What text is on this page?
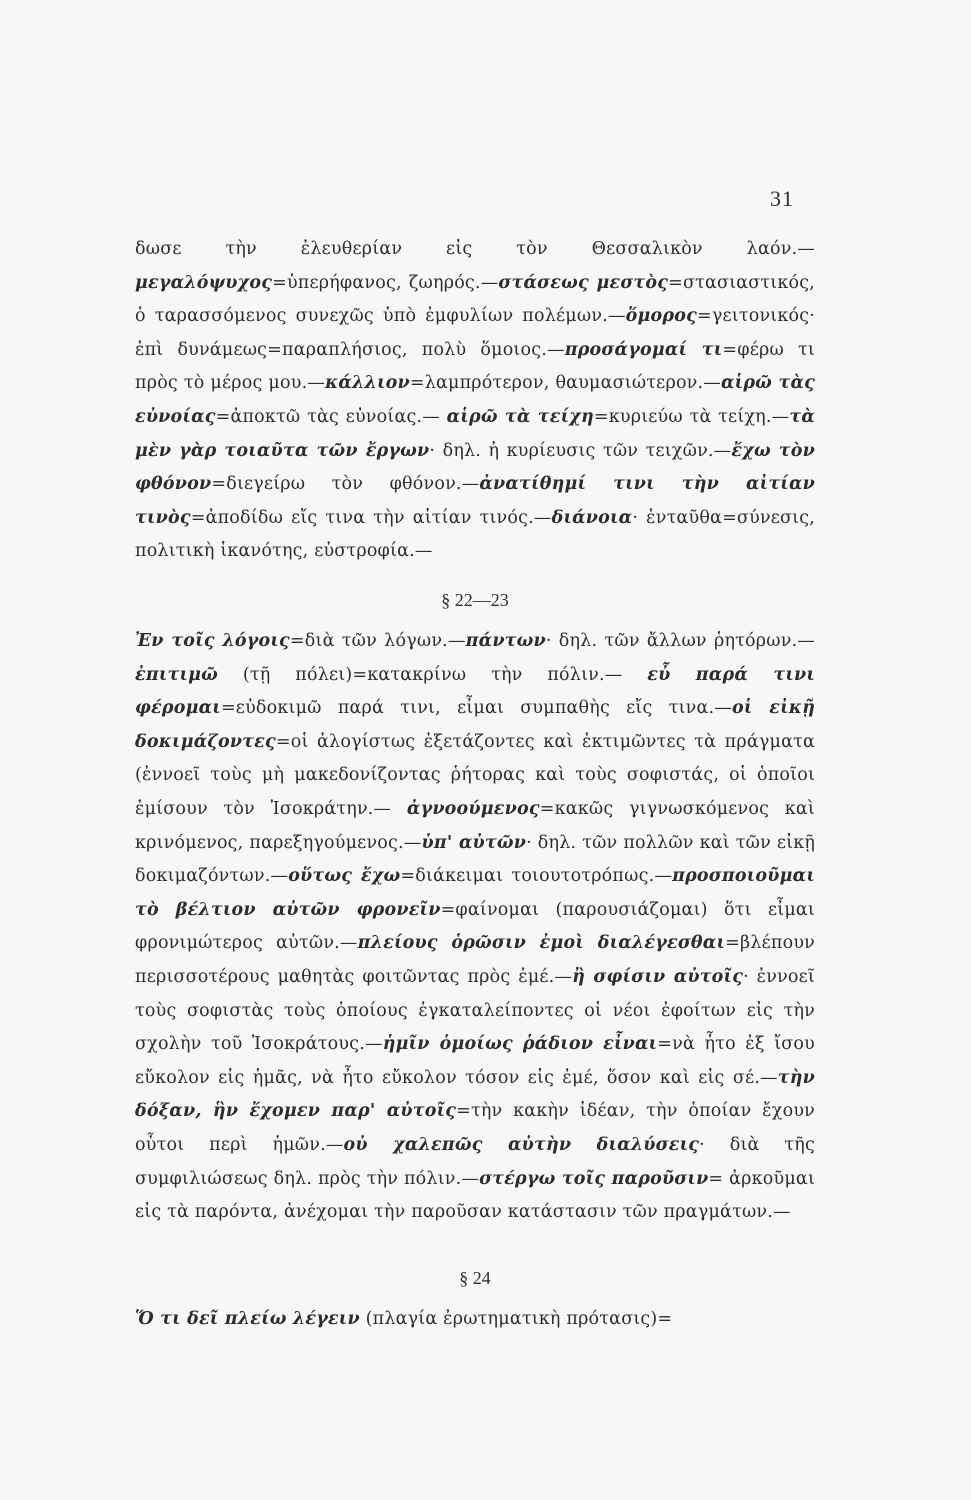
31
δωσε τὴν ἐλευθερίαν εἰς τὸν Θεσσαλικὸν λαόν.—μεγαλόψυχος=ὑπερήφανος, ζωηρός.—στάσεως μεστὸς=στασιαστικός, ὁ ταρασσόμενος συνεχῶς ὑπὸ ἐμφυλίων πολέμων.—ὅμορος=γειτονικός· ἐπὶ δυνάμεως=παραπλήσιος, πολὺ ὅμοιος.—προσάγομαί τι=φέρω τι πρὸς τὸ μέρος μου.—κάλλιον=λαμπρότερον, θαυμασιώτερον.—αἱρῶ τὰς εὐνοίας=ἀποκτῶ τὰς εὐνοίας.— αἱρῶ τὰ τείχη=κυριεύω τὰ τείχη.—τὰ μὲν γὰρ τοιαῦτα τῶν ἔργων· δηλ. ἡ κυρίευσις τῶν τειχῶν.—ἔχω τὸν φθόνον=διεγείρω τὸν φθόνον.—ἀνατίθημί τινι τὴν αἰτίαν τινὸς=ἀποδίδω εἴς τινα τὴν αἰτίαν τινός.—διάνοια· ἐνταῦθα=σύνεσις, πολιτικὴ ἱκανότης, εὐστροφία.—
§ 22—23
Ἐν τοῖς λόγοις=διὰ τῶν λόγων.—πάντων· δηλ. τῶν ἄλλων ῥητόρων.—ἐπιτιμῶ (τῇ πόλει)=κατακρίνω τὴν πόλιν.— εὖ παρά τινι φέρομαι=εὐδοκιμῶ παρά τινι, εἶμαι συμπαθὴς εἴς τινα.—οἱ εἰκῇ δοκιμάζοντες=οἱ ἀλογίστως ἐξετάζοντες καὶ ἐκτιμῶντες τὰ πράγματα (ἐννοεῖ τοὺς μὴ μακεδονίζοντας ῥήτορας καὶ τοὺς σοφιστάς, οἱ ὁποῖοι ἐμίσουν τὸν Ἰσοκράτην.— ἀγνοούμενος=κακῶς γιγνωσκόμενος καὶ κρινόμενος, παρεξηγούμενος.—ὑπ' αὐτῶν· δηλ. τῶν πολλῶν καὶ τῶν εἰκῇ δοκιμαζόντων.—οὕτως ἔχω=διάκειμαι τοιουτοτρόπως.—προσποιοῦμαι τὸ βέλτιον αὐτῶν φρονεῖν=φαίνομαι (παρουσιάζομαι) ὅτι εἶμαι φρονιμώτερος αὐτῶν.—πλείους ὁρῶσιν ἐμοὶ διαλέγεσθαι=βλέπουν περισσοτέρους μαθητὰς φοιτῶντας πρὸς ἐμέ.—ἢ σφίσιν αὐτοῖς· ἐννοεῖ τοὺς σοφιστὰς τοὺς ὁποίους ἐγκαταλείποντες οἱ νέοι ἐφοίτων εἰς τὴν σχολὴν τοῦ Ἰσοκράτους.—ἡμῖν ὁμοίως ῥάδιον εἶναι=νὰ ἦτο ἐξ ἴσου εὔκολον εἰς ἡμᾶς, νὰ ἦτο εὔκολον τόσον εἰς ἐμέ, ὅσον καὶ εἰς σέ.—τὴν δόξαν, ἣν ἔχομεν παρ' αὐτοῖς=τὴν κακὴν ἰδέαν, τὴν ὁποίαν ἔχουν οὗτοι περὶ ἡμῶν.—οὐ χαλεπῶς αὐτὴν διαλύσεις· διὰ τῆς συμφιλιώσεως δηλ. πρὸς τὴν πόλιν.—στέργω τοῖς παροῦσιν= ἀρκοῦμαι εἰς τὰ παρόντα, ἀνέχομαι τὴν παροῦσαν κατάστασιν τῶν πραγμάτων.—
§ 24
Ὅ τι δεῖ πλείω λέγειν (πλαγία ἐρωτηματικὴ πρότασις)=
